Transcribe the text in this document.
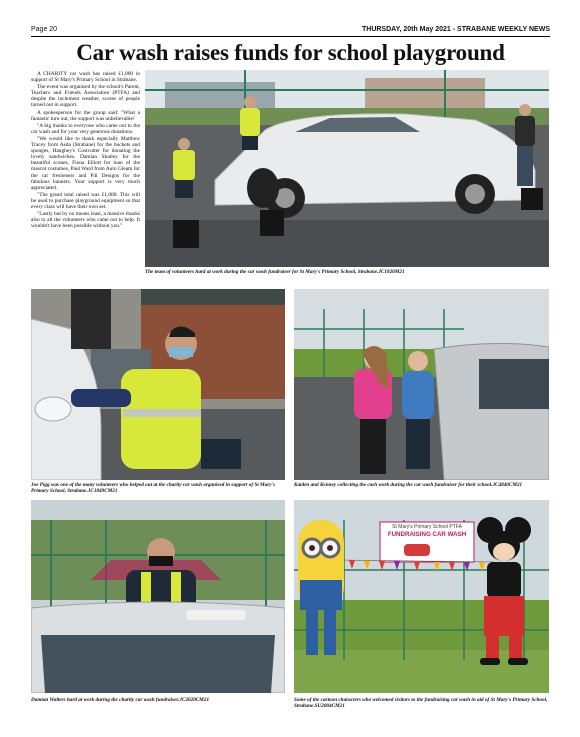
Page 20	THURSDAY, 20th May 2021 - STRABANE WEEKLY NEWS
Car wash raises funds for school playground

A CHARITY car wash has raised £1,000 in support of St Mary's Primary School in Strabane.

The event was organised by the school's Parent, Teachers and Friends Association (PTFA) and despite the inclement weather, scores of people turned out in support.

A spokesperson for the group said: "What a fantastic turn out, the support was unbelievable!

"A big thanks to everyone who came out to the car wash and for your very generous donations.

"We would like to thank especially Matthew Tracey from Asda (Strabane) for the buckets and sponges, Haughey's Costcutter for donating the lovely sandwiches, Damian Shatley for the beautiful scones, Fiona Elliott for loan of the mascot costumes, Paul Ward from Auto Gleam for the car fresheners and P4i Designs for the fabulous banners. Your support is very much appreciated.

"The grand total raised was £1,000. This will be used to purchase playground equipment so that every class will have their own set.

"Lastly but by no means least, a massive thanks also to all the volunteers who came out to help. It wouldn't have been possible without you."

The team of volunteers hard at work during the car wash fundraiser for St Mary's Primary School, Strabane.JC1820M21
Joe Pigg was one of the many volunteers who helped out at the charity car wash organised in support of St Mary's Primary School, Strabane.JC1849CM21
Kaiden and Kenney collecting the cash work during the car wash fundraiser for their school.JC4840CM21
Damian Walters hard at work during the charity car wash fundraiser.JC2020CM21
St Mary's Primary School PTFA
FUNDRAISING CAR WASH
Some of the cartoon characters who welcomed visitors to the fundraising car wash in aid of St Mary's Primary School, Strabane.SU2004CM21
